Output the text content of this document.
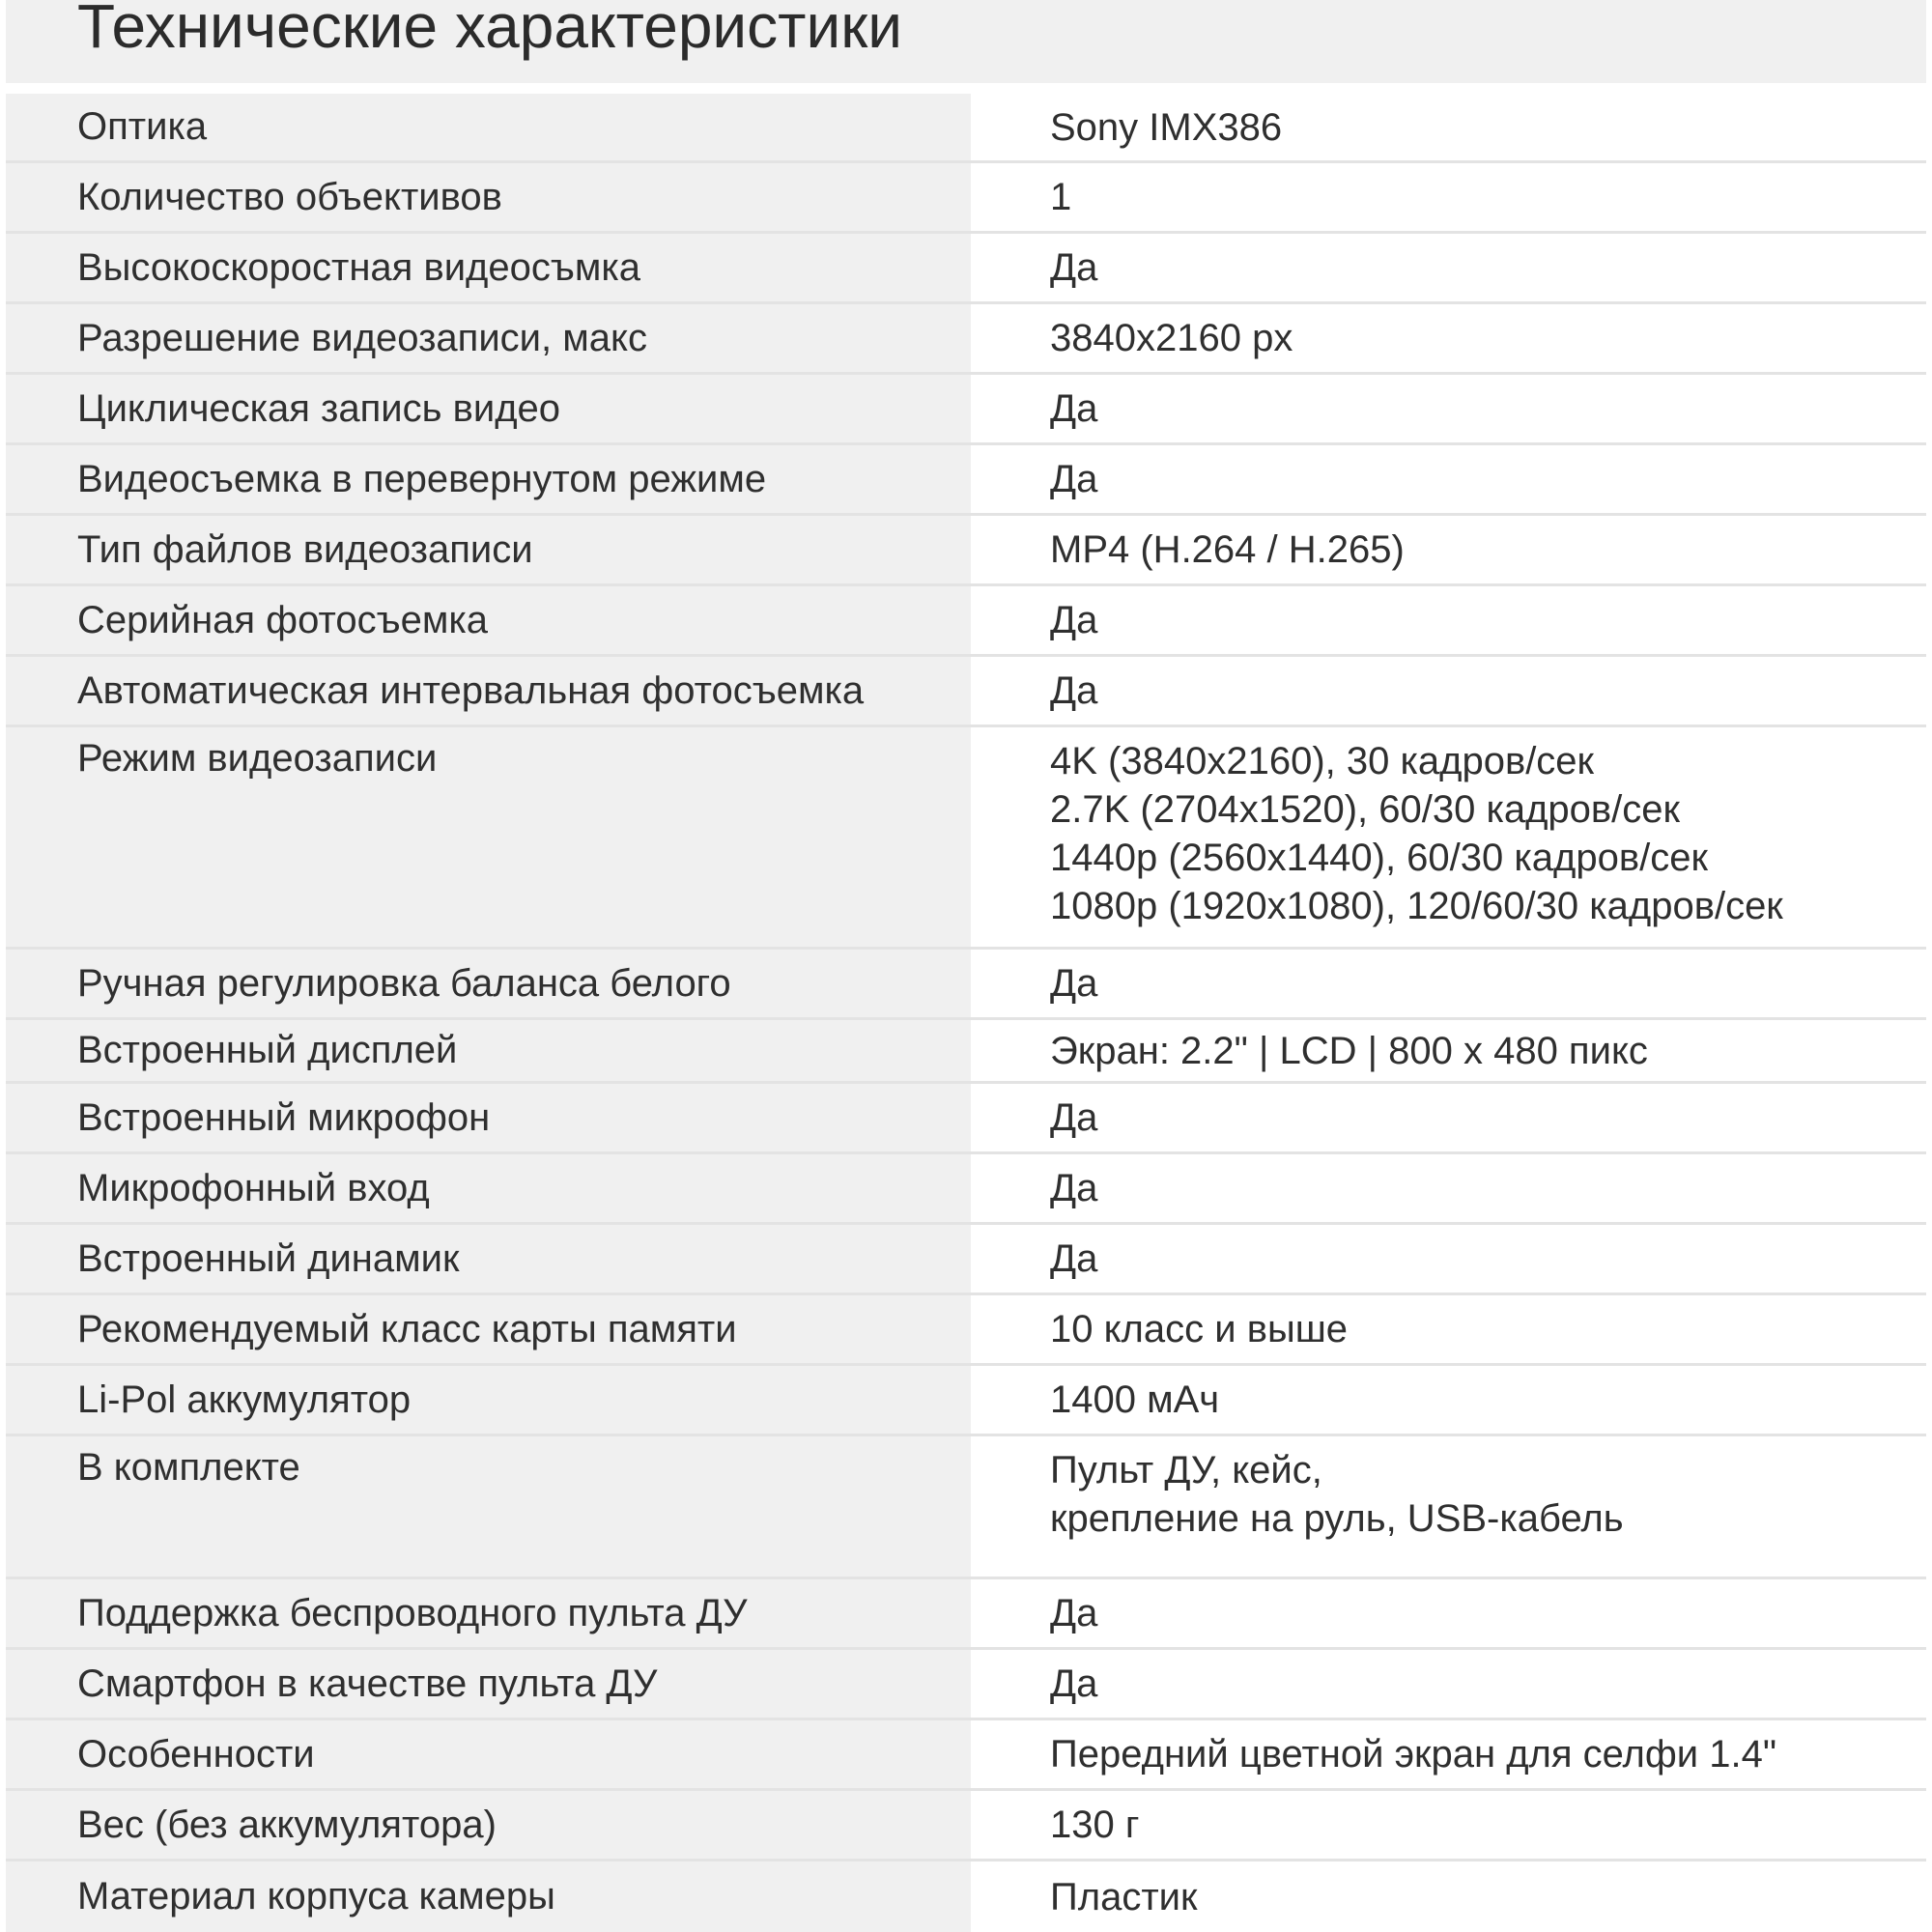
Технические характеристики
Оптика	Sony IMX386
Количество объективов	1
Высокоскоростная видеосъмка	Да
Разрешение видеозаписи, макс	3840x2160 px
Циклическая запись видео	Да
Видеосъемка в перевернутом режиме	Да
Тип файлов видеозаписи	MP4 (H.264 / H.265)
Серийная фотосъемка	Да
Автоматическая интервальная фотосъемка	Да
Режим видеозаписи	4K (3840x2160), 30 кадров/сек
2.7K (2704x1520), 60/30 кадров/сек
1440p (2560x1440), 60/30 кадров/сек
1080p (1920x1080), 120/60/30 кадров/сек
Ручная регулировка баланса белого	Да
Встроенный дисплей	Экран: 2.2" | LCD | 800 x 480 пикс
Встроенный микрофон	Да
Микрофонный вход	Да
Встроенный динамик	Да
Рекомендуемый класс карты памяти	10 класс и выше
Li-Pol аккумулятор	1400 мАч
В комплекте	Пульт ДУ, кейс,
крепление на руль, USB-кабель
Поддержка беспроводного пульта ДУ	Да
Смартфон в качестве пульта ДУ	Да
Особенности	Передний цветной экран для селфи 1.4"
Вес (без аккумулятора)	130 г
Материал корпуса камеры	Пластик
